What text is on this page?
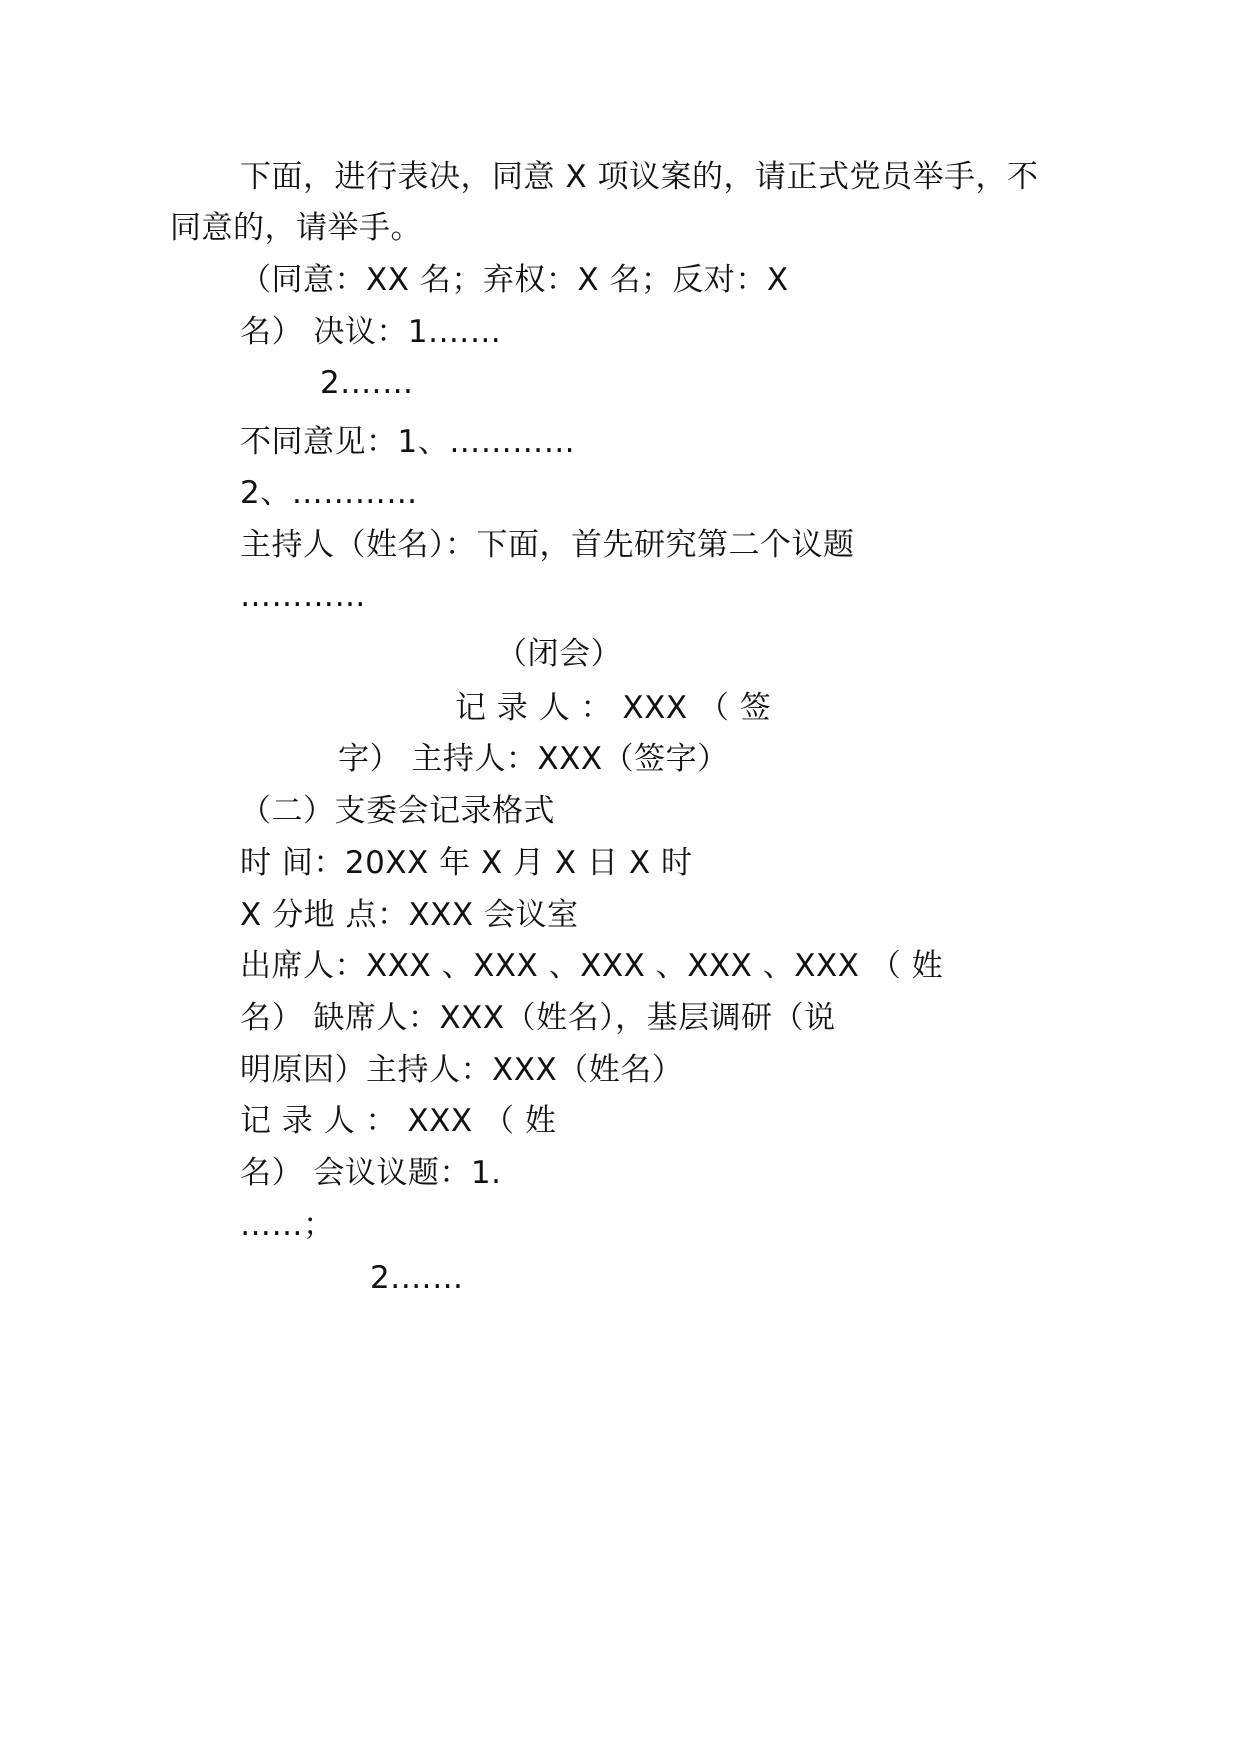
下面，进行表决，同意 X 项议案的，请正式党员举手，不
同意的，请举手。
（同意：XX 名；弃权：X 名；反对：X
名） 决议：1.……
2.……
不同意见：1、…………
2、…………
主持人（姓名）：下面，首先研究第二个议题
…………
（闭会）
记 录 人 ： XXX （ 签
字） 主持人：XXX（签字）
（二）支委会记录格式
时 间：20XX 年 X 月 X 日 X 时
X 分地 点：XXX 会议室
出席人：XXX 、XXX 、XXX 、XXX 、XXX （ 姓
名） 缺席人：XXX（姓名），基层调研（说
明原因）主持人：XXX（姓名）
记 录 人 ： XXX （ 姓
名） 会议议题：1.
……；
2.……
